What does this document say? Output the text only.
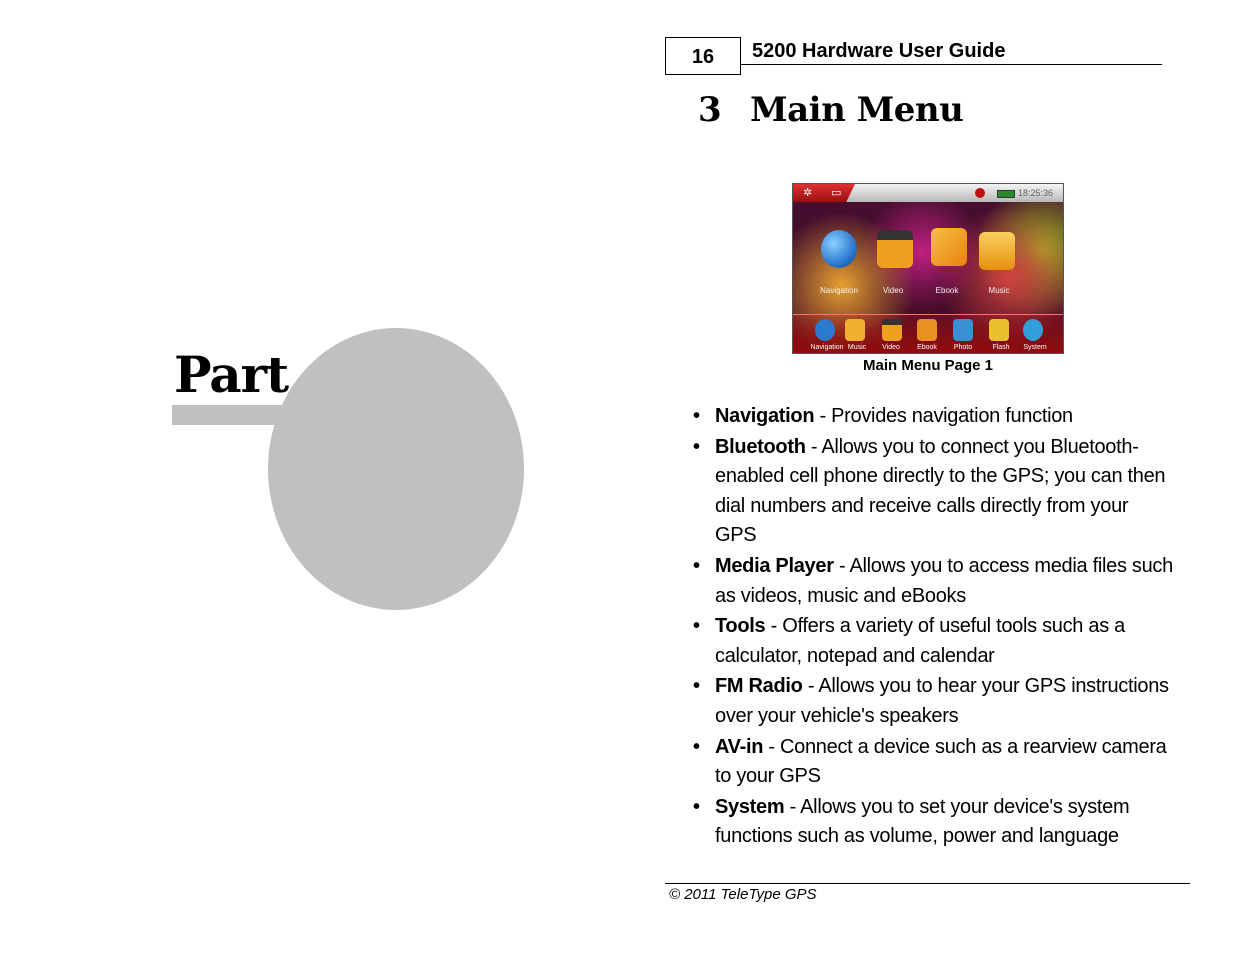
Part
16 5200 Hardware User Guide
3 Main Menu
✲ ▭	18:25:36
Navigation	Video	Ebook	Music
Navigation Music	Video	Ebook	Photo	Flash	System
Main Menu Page 1
• Navigation - Provides navigation function
• Bluetooth - Allows you to connect you Bluetooth-enabled cell phone directly to the GPS; you can then dial numbers and receive calls directly from your GPS
• Media Player - Allows you to access media files such as videos, music and eBooks
• Tools - Offers a variety of useful tools such as a calculator, notepad and calendar
• FM Radio - Allows you to hear your GPS instructions over your vehicle's speakers
• AV-in - Connect a device such as a rearview camera to your GPS
• System - Allows you to set your device's system functions such as volume, power and language
© 2011 TeleType GPS
